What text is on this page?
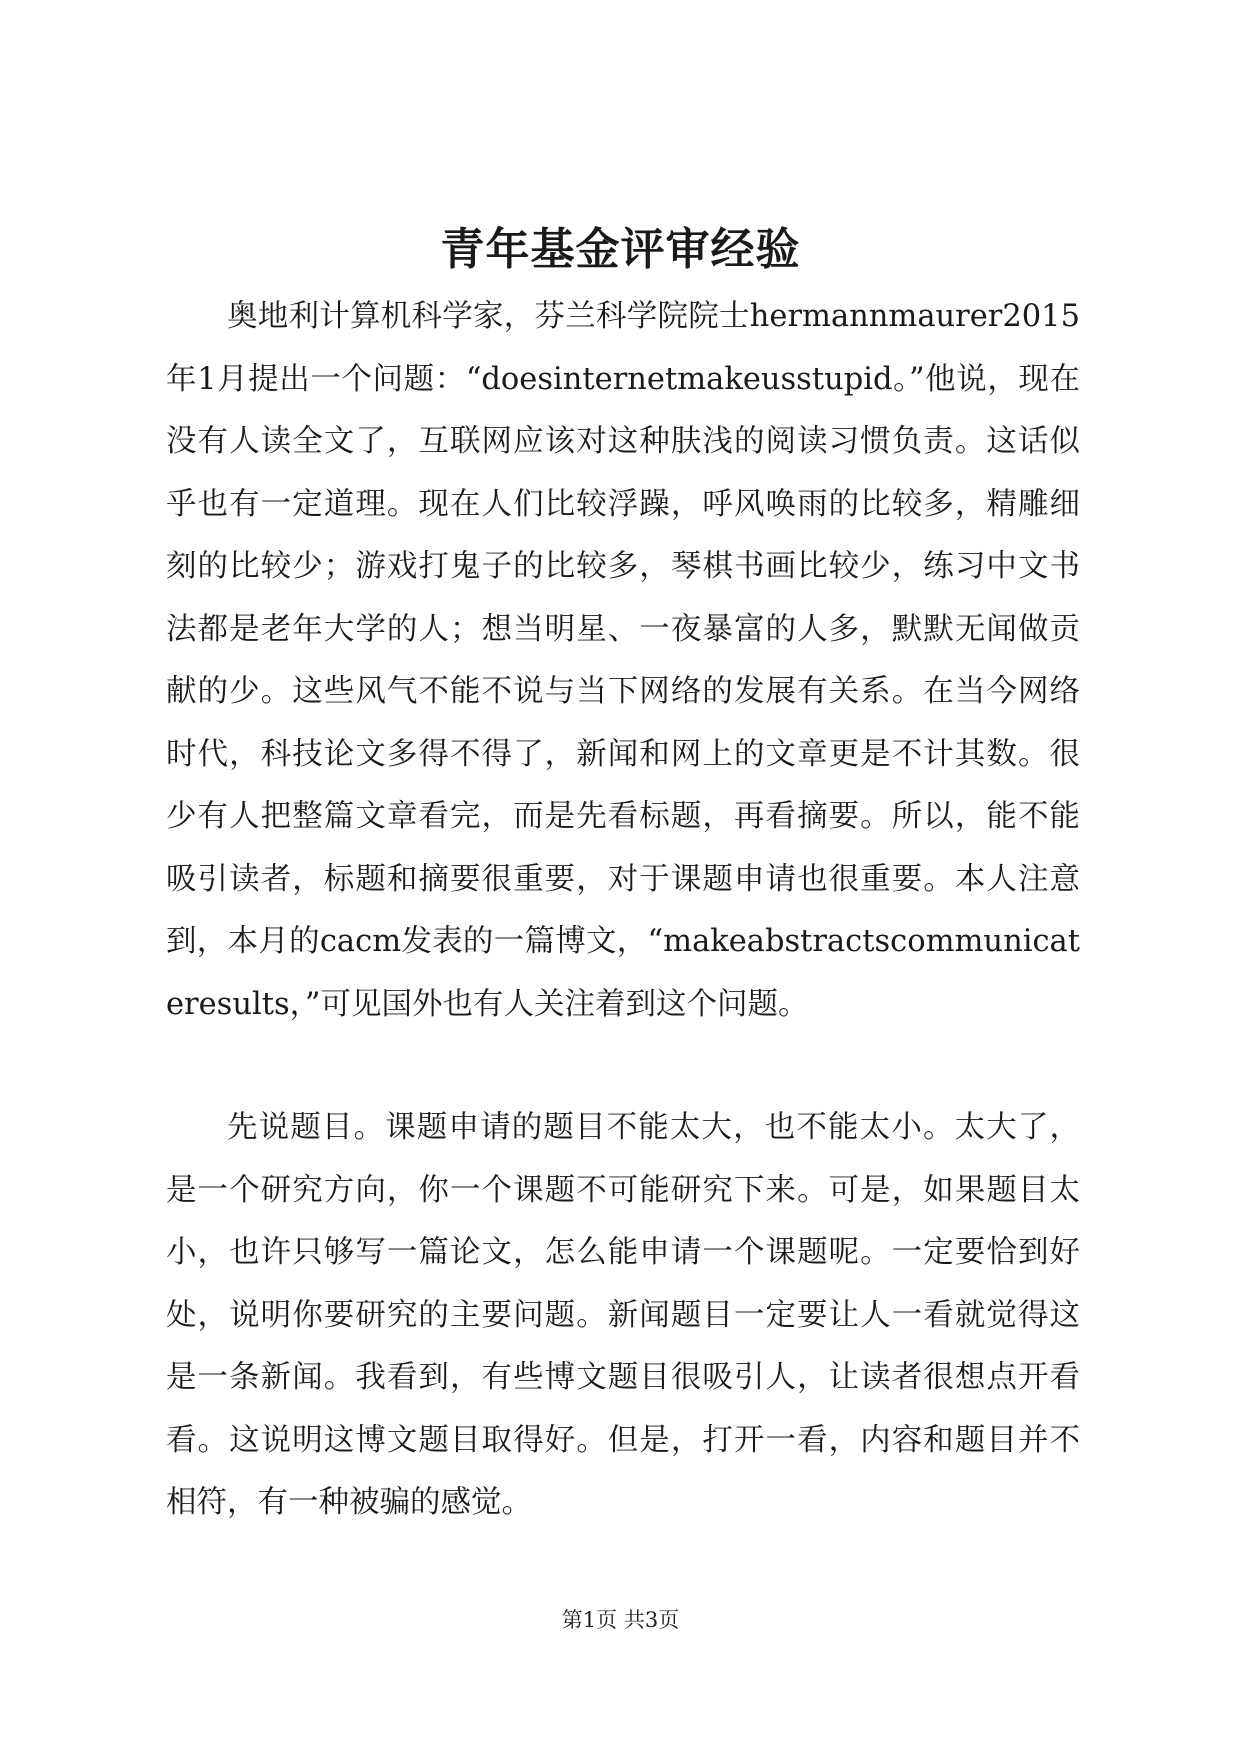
青年基金评审经验

奥地利计算机科学家，芬兰科学院院士hermannmaurer2015年1月提出一个问题：“doesinternetmakeusstupid。”他说，现在没有人读全文了，互联网应该对这种肤浅的阅读习惯负责。这话似乎也有一定道理。现在人们比较浮躁，呼风唤雨的比较多，精雕细刻的比较少；游戏打鬼子的比较多，琴棋书画比较少，练习中文书法都是老年大学的人；想当明星、一夜暴富的人多，默默无闻做贡献的少。这些风气不能不说与当下网络的发展有关系。在当今网络时代，科技论文多得不得了，新闻和网上的文章更是不计其数。很少有人把整篇文章看完，而是先看标题，再看摘要。所以，能不能吸引读者，标题和摘要很重要，对于课题申请也很重要。本人注意到，本月的cacm发表的一篇博文，“makeabstractscommunicateresults，”可见国外也有人关注着到这个问题。

先说题目。课题申请的题目不能太大，也不能太小。太大了，是一个研究方向，你一个课题不可能研究下来。可是，如果题目太小，也许只够写一篇论文，怎么能申请一个课题呢。一定要恰到好处，说明你要研究的主要问题。新闻题目一定要让人一看就觉得这是一条新闻。我看到，有些博文题目很吸引人，让读者很想点开看看。这说明这博文题目取得好。但是，打开一看，内容和题目并不相符，有一种被骗的感觉。

第1页 共3页
